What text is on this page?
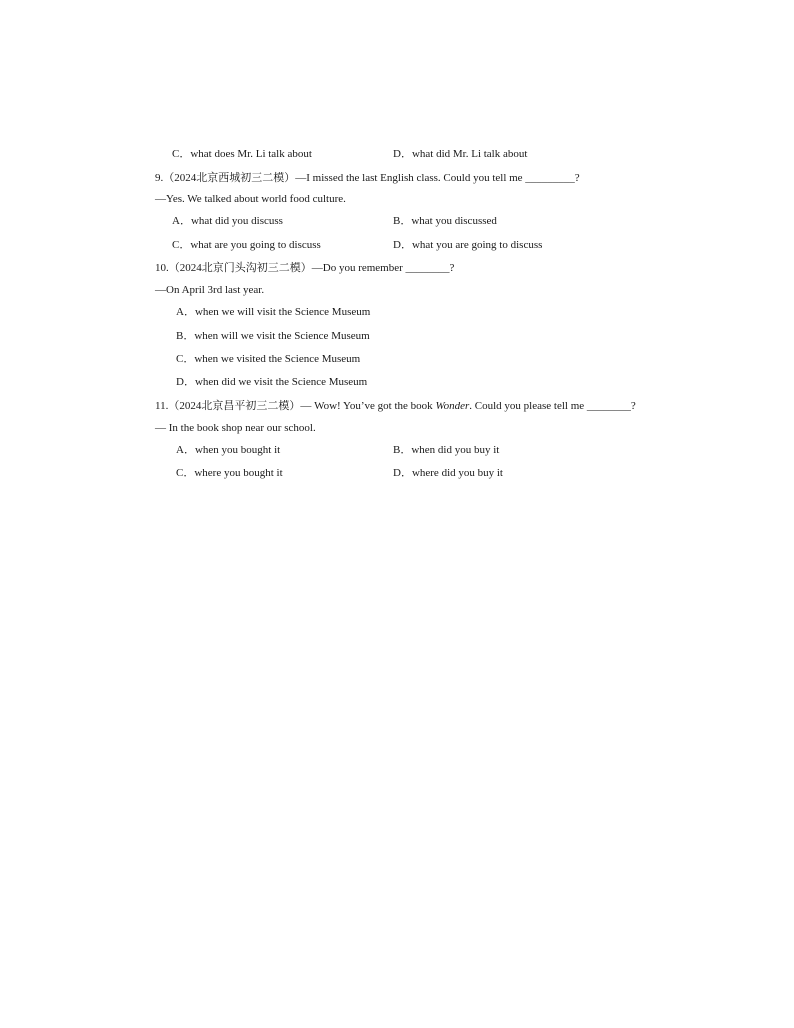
C．what does Mr. Li talk about	D．what did Mr. Li talk about
9.（2024北京西城初三二模）—I missed the last English class. Could you tell me _________?
—Yes. We talked about world food culture.
A．what did you discuss	B．what you discussed
C．what are you going to discuss	D．what you are going to discuss
10.（2024北京门头沟初三二模）—Do you remember ________?
—On April 3rd last year.
A．when we will visit the Science Museum
B．when will we visit the Science Museum
C．when we visited the Science Museum
D．when did we visit the Science Museum
11.（2024北京昌平初三二模）— Wow! You’ve got the book Wonder. Could you please tell me ________?
— In the book shop near our school.
A．when you bought it	B．when did you buy it
C．where you bought it	D．where did you buy it
